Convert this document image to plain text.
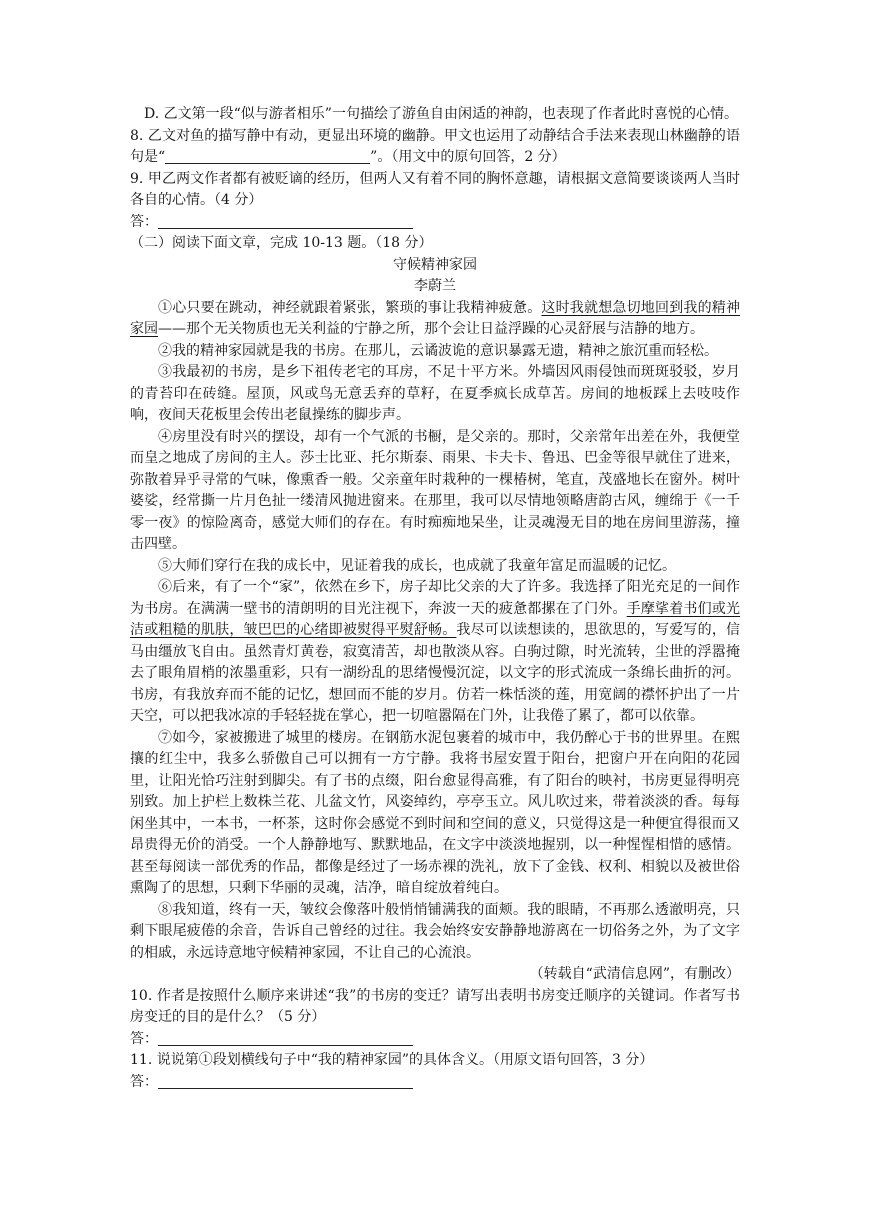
D. 乙文第一段“似与游者相乐”一句描绘了游鱼自由闲适的神韵，也表现了作者此时喜悦的心情。

8. 乙文对鱼的描写静中有动，更显出环境的幽静。甲文也运用了动静结合手法来表现山林幽静的语句是“	”。（用文中的原句回答，2 分）

9. 甲乙两文作者都有被贬谪的经历，但两人又有着不同的胸怀意趣，请根据文意简要谈谈两人当时各自的心情。（4 分）

答：

（二）阅读下面文章，完成 10-13 题。（18 分）

守候精神家园

李蔚兰

①心只要在跳动，神经就跟着紧张，繁琐的事让我精神疲惫。这时我就想急切地回到我的精神家园——那个无关物质也无关利益的宁静之所，那个会让日益浮躁的心灵舒展与洁静的地方。

②我的精神家园就是我的书房。在那儿，云谲波诡的意识暴露无遗，精神之旅沉重而轻松。

③我最初的书房，是乡下祖传老宅的耳房，不足十平方米。外墙因风雨侵蚀而斑斑驳驳，岁月的青苔印在砖缝。屋顶，风或鸟无意丢弃的草籽，在夏季疯长成草苫。房间的地板踩上去吱吱作响，夜间天花板里会传出老鼠操练的脚步声。

④房里没有时兴的摆设，却有一个气派的书橱，是父亲的。那时，父亲常年出差在外，我便堂而皇之地成了房间的主人。莎士比亚、托尔斯泰、雨果、卡夫卡、鲁迅、巴金等很早就住了进来，弥散着异乎寻常的气味，像熏香一般。父亲童年时栽种的一棵椿树，笔直，茂盛地长在窗外。树叶婆娑，经常撕一片月色扯一缕清风抛进窗来。在那里，我可以尽情地领略唐韵古风，缠绵于《一千零一夜》的惊险离奇，感觉大师们的存在。有时痴痴地呆坐，让灵魂漫无目的地在房间里游荡，撞击四壁。

⑤大师们穿行在我的成长中，见证着我的成长，也成就了我童年富足而温暖的记忆。

⑥后来，有了一个“家”，依然在乡下，房子却比父亲的大了许多。我选择了阳光充足的一间作为书房。在满满一壁书的清朗明的目光注视下，奔波一天的疲惫都摞在了门外。手摩挲着书们或光洁或粗糙的肌肤，皱巴巴的心绪即被熨得平熨舒畅。我尽可以读想读的，思欲思的，写爱写的，信马由缰放飞自由。虽然青灯黄卷，寂寞清苦，却也散淡从容。白驹过隙，时光流转，尘世的浮嚣掩去了眼角眉梢的浓墨重彩，只有一湖纷乱的思绪慢慢沉淀，以文字的形式流成一条绵长曲折的河。书房，有我放弃而不能的记忆，想回而不能的岁月。仿若一株恬淡的莲，用宽阔的襟怀护出了一片天空，可以把我冰凉的手轻轻拢在掌心，把一切喧嚣隔在门外，让我倦了累了，都可以依靠。

⑦如今，家被搬进了城里的楼房。在钢筋水泥包裹着的城市中，我仍醉心于书的世界里。在熙攘的红尘中，我多么骄傲自己可以拥有一方宁静。我将书屋安置于阳台，把窗户开在向阳的花园里，让阳光恰巧注射到脚尖。有了书的点缀，阳台愈显得高雅，有了阳台的映衬，书房更显得明亮别致。加上护栏上数株兰花、儿盆文竹，风姿绰约，亭亭玉立。风儿吹过来，带着淡淡的香。每每闲坐其中，一本书，一杯茶，这时你会感觉不到时间和空间的意义，只觉得这是一种便宜得很而又昂贵得无价的消受。一个人静静地写、默默地品，在文字中淡淡地握别，以一种惺惺相惜的感情。甚至每阅读一部优秀的作品，都像是经过了一场赤裸的洗礼，放下了金钱、权利、相貌以及被世俗熏陶了的思想，只剩下华丽的灵魂，洁净，暗自绽放着纯白。

⑧我知道，终有一天，皱纹会像落叶般悄悄铺满我的面颊。我的眼睛，不再那么透澈明亮，只剩下眼尾疲倦的余音，告诉自己曾经的过往。我会始终安安静静地游离在一切俗务之外，为了文字的相戚，永远诗意地守候精神家园，不让自己的心流浪。

（转载自“武清信息网”，有删改）

10. 作者是按照什么顺序来讲述“我”的书房的变迁？请写出表明书房变迁顺序的关键词。作者写书房变迁的目的是什么？（5 分）

答：

11. 说说第①段划横线句子中“我的精神家园”的具体含义。（用原文语句回答，3 分）

答：
